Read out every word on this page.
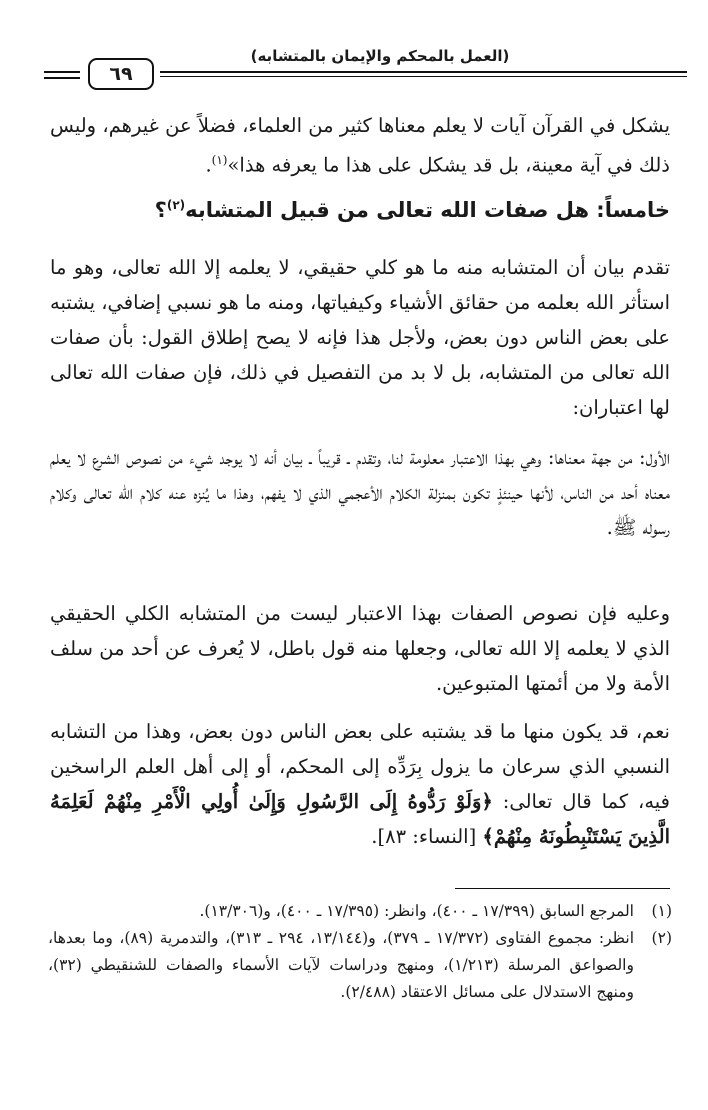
(العمل بالمحكم والإيمان بالمتشابه)
٦٩
يشكل في القرآن آيات لا يعلم معناها كثير من العلماء، فضلاً عن غيرهم، وليس ذلك في آية معينة، بل قد يشكل على هذا ما يعرفه هذا»$^{(١)}$.
خامساً: هل صفات الله تعالى من قبيل المتشابه$^{(٢)}$؟
تقدم بيان أن المتشابه منه ما هو كلي حقيقي، لا يعلمه إلا الله تعالى، وهو ما استأثر الله بعلمه من حقائق الأشياء وكيفياتها، ومنه ما هو نسبي إضافي، يشتبه على بعض الناس دون بعض، ولأجل هذا فإنه لا يصح إطلاق القول: بأن صفات الله تعالى من المتشابه، بل لا بد من التفصيل في ذلك، فإن صفات الله تعالى لها اعتباران:
الأول: من جهة معناها: وهي بهذا الاعتبار معلومة لنا، وتقدم ـ قريباً ـ بيان أنه لا يوجد شيء من نصوص الشرع لا يعلم معناه أحد من الناس، لأنها حينئذٍ تكون بمنزلة الكلام الأعجمي الذي لا يفهم، وهذا ما يُنزه عنه كلام الله تعالى وكلام رسوله ﷺ.
وعليه فإن نصوص الصفات بهذا الاعتبار ليست من المتشابه الكلي الحقيقي الذي لا يعلمه إلا الله تعالى، وجعلها منه قول باطل، لا يُعرف عن أحد من سلف الأمة ولا من أئمتها المتبوعين.
نعم، قد يكون منها ما قد يشتبه على بعض الناس دون بعض، وهذا من التشابه النسبي الذي سرعان ما يزول بِرَدِّه إلى المحكم، أو إلى أهل العلم الراسخين فيه، كما قال تعالى: ﴿وَلَوْ رَدُّوهُ إِلَى الرَّسُولِ وَإِلَىٰ أُولِي الْأَمْرِ مِنْهُمْ لَعَلِمَهُ الَّذِينَ يَسْتَنْبِطُونَهُ مِنْهُمْ﴾ [النساء: ٨٣].
(١)
المرجع السابق (١٧/٣٩٩ ـ ٤٠٠)، وانظر: (١٧/٣٩٥ ـ ٤٠٠)، و(١٣/٣٠٦).
(٢)
انظر: مجموع الفتاوى (١٧/٣٧٢ ـ ٣٧٩)، و(١٣/١٤٤، ٢٩٤ ـ ٣١٣)، والتدمرية (٨٩)، وما بعدها، والصواعق المرسلة (١/٢١٣)، ومنهج ودراسات لآيات الأسماء والصفات للشنقيطي (٣٢)، ومنهج الاستدلال على مسائل الاعتقاد (٢/٤٨٨).
